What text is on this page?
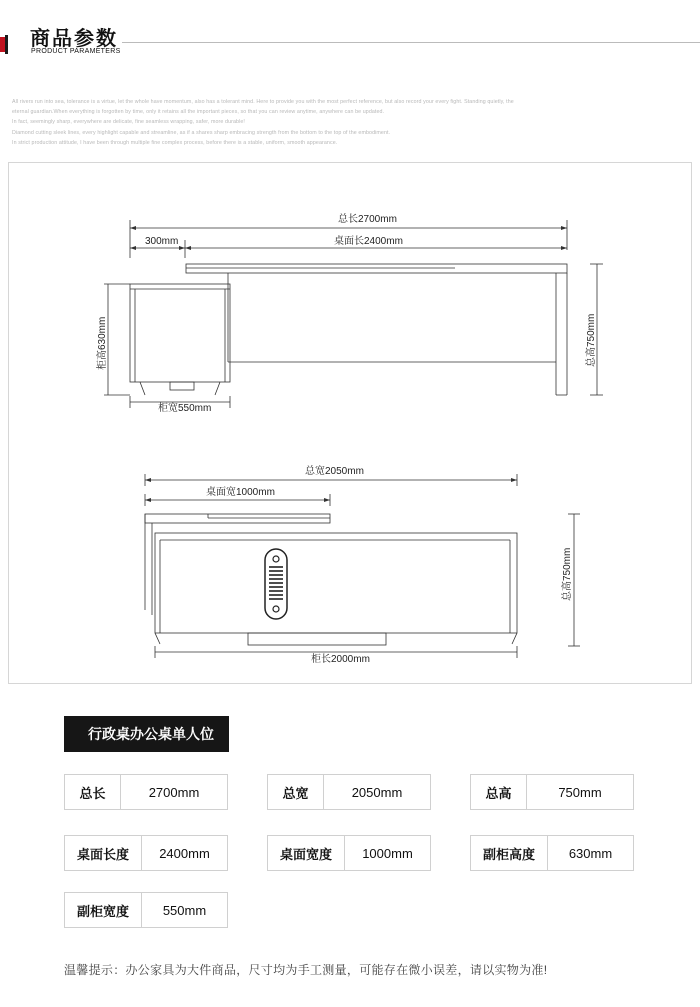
商品参数
PRODUCT PARAMETERS
All rivers run into sea, tolerance is a virtue, let the whole have momentum, also has a tolerant mind. Here to provide you with the most perfect reference, but also record your every fight. Standing quietly, the
eternal guardian.When everything is forgotten by time, only it retains all the important pieces, so that you can review anytime, anywhere can be updated.
In fact, seemingly sharp, everywhere are delicate, fine seamless wrapping, safer, more durable!
Diamond cutting sleek lines, every highlight capable and streamline, as if a shares sharp embracing strength from the bottom to the top of the embodiment.
In strict production attitude, I have been through multiple fine complex process, before there is a stable, uniform, smooth appearance.
总长2700mm
300mm	桌面长2400mm
柜高630mm
柜宽550mm
总高750mm
总宽2050mm
桌面宽1000mm
总高750mm
柜长2000mm
行政桌办公桌单人位
总长	2700mm	总宽	2050mm	总高	750mm
桌面长度	2400mm	桌面宽度	1000mm	副柜高度	630mm
副柜宽度	550mm
温馨提示：办公家具为大件商品，尺寸均为手工测量，可能存在微小误差，请以实物为准!
